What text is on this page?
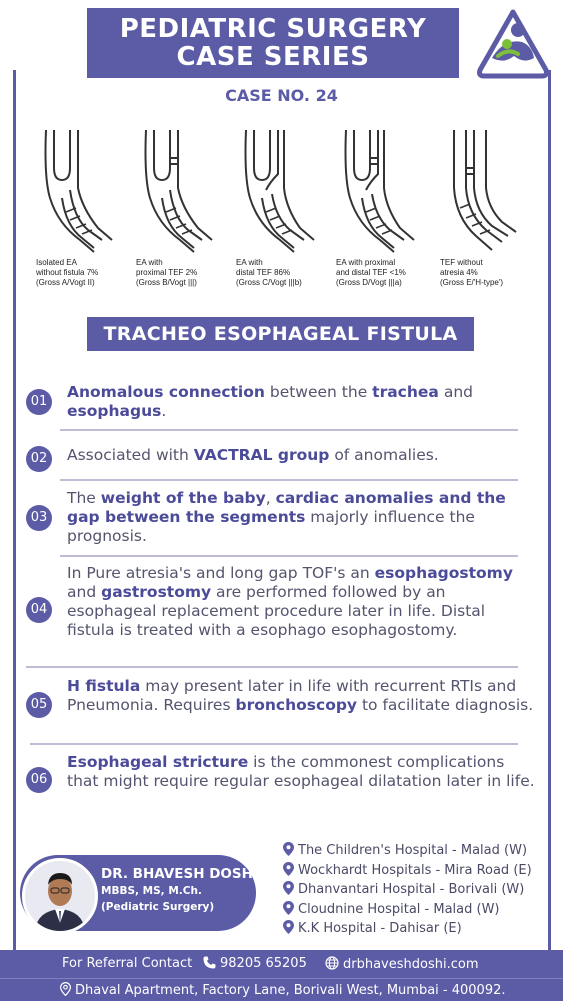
PEDIATRIC SURGERY
CASE SERIES
CASE NO. 24
Isolated EA
without fistula 7%
(Gross A/Vogt II)
EA with
proximal TEF 2%
(Gross B/Vogt |||)
EA with
distal TEF 86%
(Gross C/Vogt |||b)
EA with proximal
and distal TEF <1%
(Gross D/Vogt |||a)
TEF without
atresia 4%
(Gross E/'H-type')
TRACHEO ESOPHAGEAL FISTULA
01
Anomalous connection between the trachea and esophagus.
02	Associated with VACTRAL group of anomalies.
03
The weight of the baby, cardiac anomalies and the gap between the segments majorly influence the prognosis.
04
In Pure atresia's and long gap TOF's an esophagostomy and gastrostomy are performed followed by an esophageal replacement procedure later in life. Distal fistula is treated with a esophago esophagostomy.
05
H fistula may present later in life with recurrent RTIs and Pneumonia. Requires bronchoscopy to facilitate diagnosis.
06
Esophageal stricture is the commonest complications that might require regular esophageal dilatation later in life.
DR. BHAVESH DOSHI
MBBS, MS, M.Ch.
(Pediatric Surgery)
The Children's Hospital - Malad (W)
Wockhardt Hospitals - Mira Road (E)
Dhanvantari Hospital - Borivali (W)
Cloudnine Hospital - Malad (W)
K.K Hospital - Dahisar (E)
For Referral Contact	98205 65205	drbhaveshdoshi.com
Dhaval Apartment, Factory Lane, Borivali West, Mumbai - 400092.
